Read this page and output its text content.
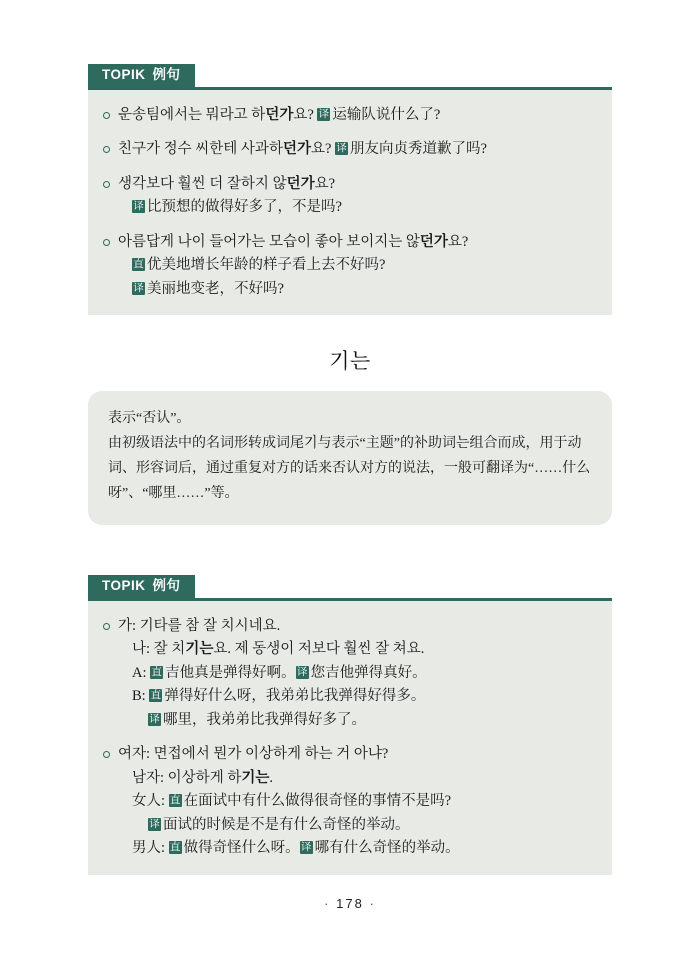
TOPIK 例句
운송팀에서는 뭐라고 하던가요? 译 运输队说什么了?
친구가 정수 씨한테 사과하던가요? 译 朋友向贞秀道歉了吗?
생각보다 훨씬 더 잘하지 않던가요?
译 比预想的做得好多了，不是吗?
아름답게 나이 들어가는 모습이 좋아 보이지는 않던가요?
直 优美地增长年龄的样子看上去不好吗?
译 美丽地变老，不好吗?
기는
表示“否认”。
由初级语法中的名词形转成词尾기与表示“主题”的补助词는组合而成，用于动词、形容词后，通过重复对方的话来否认对方的说法，一般可翻译为“……什么呀”、“哪里……”等。
TOPIK 例句
가: 기타를 참 잘 치시네요.
나: 잘 치기는요. 제 동생이 저보다 훨씬 잘 쳐요.
A: 直 吉他真是弹得好啊。译 您吉他弹得真好。
B: 直 弹得好什么呀，我弟弟比我弹得好得多。
译 哪里，我弟弟比我弹得好多了。
여자: 면접에서 뭔가 이상하게 하는 거 아냐?
남자: 이상하게 하기는.
女人: 直 在面试中有什么做得很奇怪的事情不是吗?
译 面试的时候是不是有什么奇怪的举动。
男人: 直 做得奇怪什么呀。译 哪有什么奇怪的举动。
· 178 ·
